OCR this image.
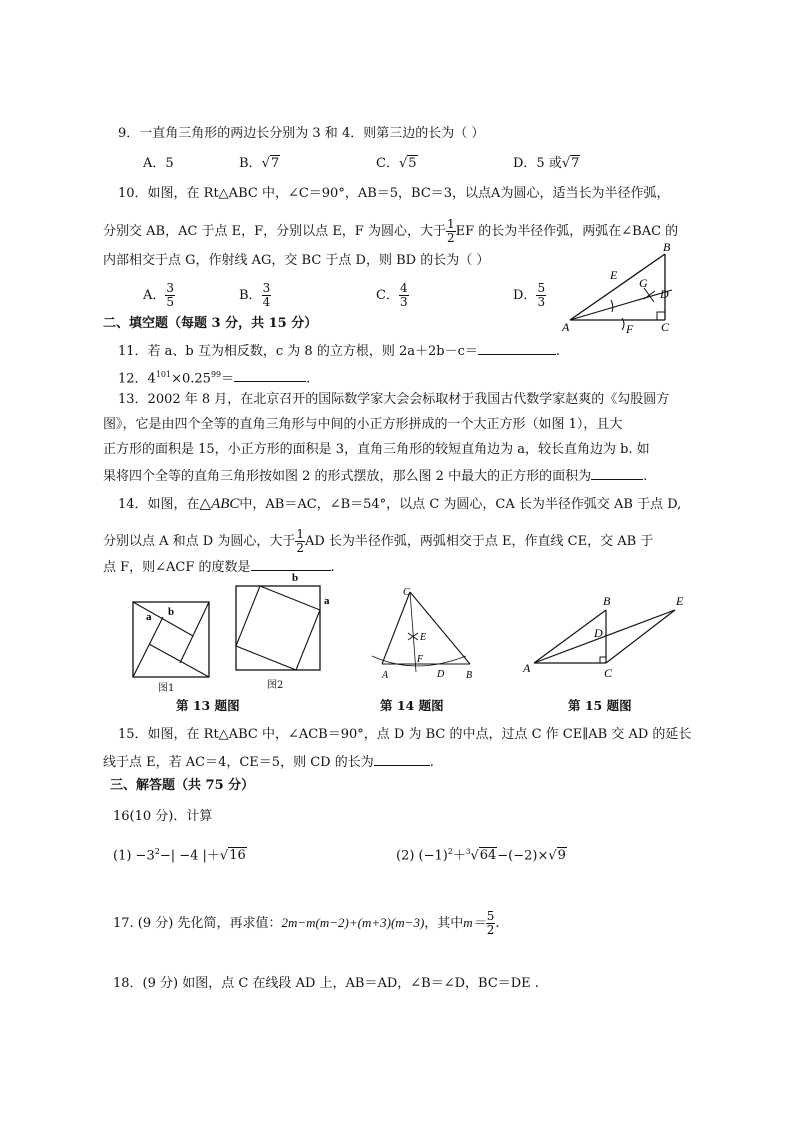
9．一直角三角形的两边长分别为 3 和 4．则第三边的长为（ ）
A．5	B．√7	C．√5	D．5 或√7
10．如图，在 Rt△ABC 中，∠C＝90°，AB＝5，BC＝3，以点A为圆心，适当长为半径作弧，
分别交 AB，AC 于点 E，F，分别以点 E，F 为圆心，大于 $\frac{1}{2}$ EF 的长为半径作弧，两弧在∠BAC 的
内部相交于点 G，作射线 AG，交 BC 于点 D，则 BD 的长为（ ）
A． $\frac{3}{5}$	B． $\frac{3}{4}$	C． $\frac{4}{3}$	D． $\frac{5}{3}$
B
E
G
D
A	F C
二、填空题（每题 3 分，共 15 分）
11．若 a、b 互为相反数，c 为 8 的立方根，则 2a＋2b－c＝	.
12．$4^{101}\times 0.25^{99}=$	.
13．2002 年 8 月，在北京召开的国际数学家大会会标取材于我国古代数学家赵爽的《勾股圆方
图》，它是由四个全等的直角三角形与中间的小正方形拼成的一个大正方形（如图 1），且大
正方形的面积是 15，小正方形的面积是 3，直角三角形的较短直角边为 a，较长直角边为 b. 如
果将四个全等的直角三角形按如图 2 的形式摆放，那么图 2 中最大的正方形的面积为	.
14．如图，在△ABC中，AB＝AC，∠B＝54°，以点 C 为圆心，CA 长为半径作弧交 AB 于点 D,
分别以点 A 和点 D 为圆心，大于 $\frac{1}{2}$ AD 长为半径作弧，两弧相交于点 E，作直线 CE，交 AB 于
点 F，则∠ACF 的度数是	.
a b
图1
b
a
图2
第 13 题图
C
E
F
A	D B
第 14 题图
B	E
D
A	C
第 15 题图
15．如图，在 Rt△ABC 中，∠ACB＝90°，点 D 为 BC 的中点，过点 C 作 CE∥AB 交 AD 的延长
线于点 E，若 AC＝4，CE＝5，则 CD 的长为	.
三、解答题（共 75 分）
16(10 分)．计算
$(1) -3^2-| -4$ |＋√16	(2) $(-1)^2+^3√64-(-2)\times√9$
17. (9 分) 先化简，再求值：2m−m(m−2)+(m+3)(m−3)，其中$m= \frac{5}{2}$ .
18．(9 分) 如图，点 C 在线段 AD 上，AB＝AD，∠B＝∠D，BC＝DE .
